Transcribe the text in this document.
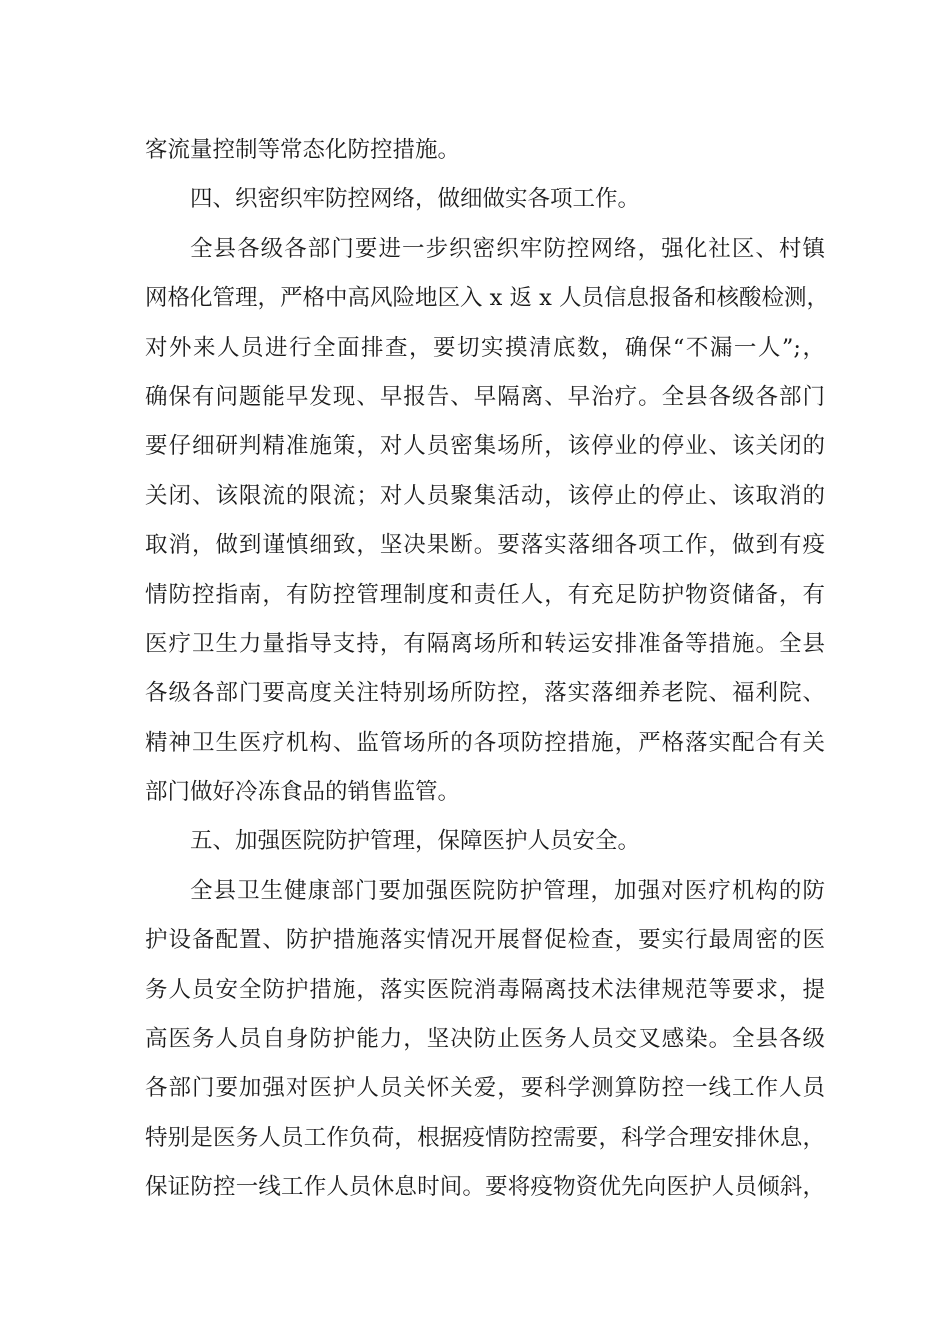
客流量控制等常态化防控措施。
四、织密织牢防控网络，做细做实各项工作。
全县各级各部门要进一步织密织牢防控网络，强化社区、村镇
网格化管理，严格中高风险地区入 x 返 x 人员信息报备和核酸检测，
对外来人员进行全面排查，要切实摸清底数，确保“不漏一人”;，
确保有问题能早发现、早报告、早隔离、早治疗。全县各级各部门
要仔细研判精准施策，对人员密集场所，该停业的停业、该关闭的
关闭、该限流的限流；对人员聚集活动，该停止的停止、该取消的
取消，做到谨慎细致，坚决果断。要落实落细各项工作，做到有疫
情防控指南，有防控管理制度和责任人，有充足防护物资储备，有
医疗卫生力量指导支持，有隔离场所和转运安排准备等措施。全县
各级各部门要高度关注特别场所防控，落实落细养老院、福利院、
精神卫生医疗机构、监管场所的各项防控措施，严格落实配合有关
部门做好冷冻食品的销售监管。
五、加强医院防护管理，保障医护人员安全。
全县卫生健康部门要加强医院防护管理，加强对医疗机构的防
护设备配置、防护措施落实情况开展督促检查，要实行最周密的医
务人员安全防护措施，落实医院消毒隔离技术法律规范等要求，提
高医务人员自身防护能力，坚决防止医务人员交叉感染。全县各级
各部门要加强对医护人员关怀关爱，要科学测算防控一线工作人员
特别是医务人员工作负荷，根据疫情防控需要，科学合理安排休息，
保证防控一线工作人员休息时间。要将疫物资优先向医护人员倾斜，
